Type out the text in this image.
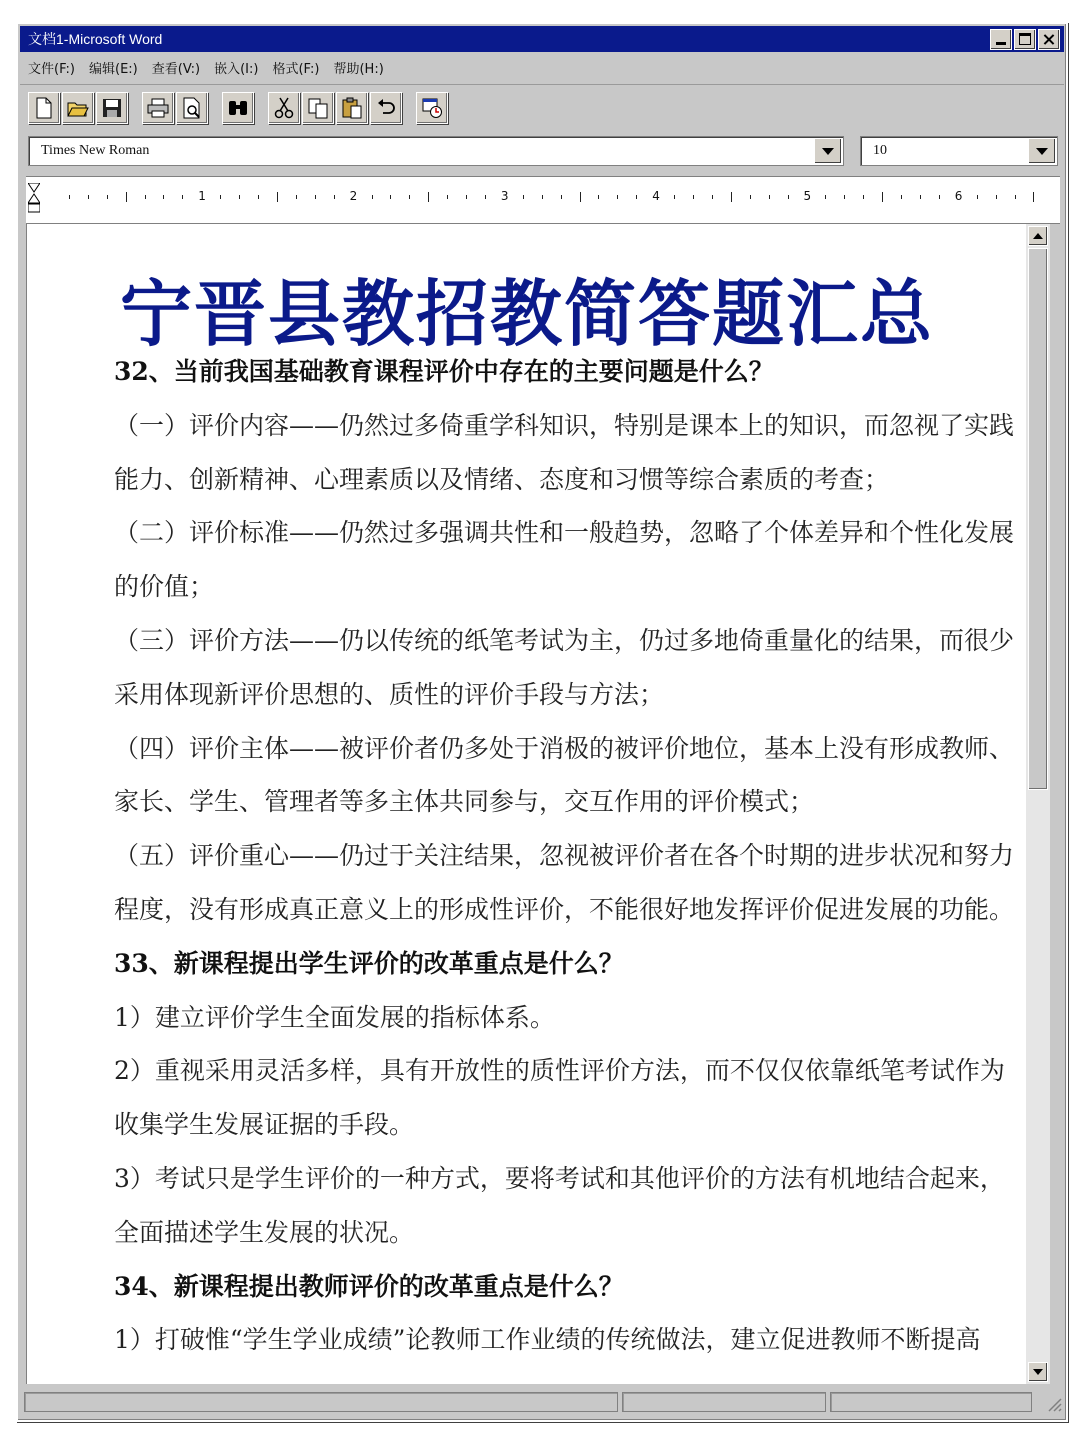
文档1-Microsoft Word
文件(F:) 编辑(E:) 查看(V:) 嵌入(I:) 格式(F:) 帮助(H:)
Times New Roman	10
1	2	3	4	5	6
宁晋县教招教简答题汇总
32、当前我国基础教育课程评价中存在的主要问题是什么？
（一）评价内容——仍然过多倚重学科知识，特别是课本上的知识，而忽视了实践
能力、创新精神、心理素质以及情绪、态度和习惯等综合素质的考查；
（二）评价标准——仍然过多强调共性和一般趋势，忽略了个体差异和个性化发展
的价值；
（三）评价方法——仍以传统的纸笔考试为主，仍过多地倚重量化的结果，而很少
采用体现新评价思想的、质性的评价手段与方法；
（四）评价主体——被评价者仍多处于消极的被评价地位，基本上没有形成教师、
家长、学生、管理者等多主体共同参与，交互作用的评价模式；
（五）评价重心——仍过于关注结果，忽视被评价者在各个时期的进步状况和努力
程度，没有形成真正意义上的形成性评价，不能很好地发挥评价促进发展的功能。
33、新课程提出学生评价的改革重点是什么？
1）建立评价学生全面发展的指标体系。
2）重视采用灵活多样，具有开放性的质性评价方法，而不仅仅依靠纸笔考试作为
收集学生发展证据的手段。
3）考试只是学生评价的一种方式，要将考试和其他评价的方法有机地结合起来，
全面描述学生发展的状况。
34、新课程提出教师评价的改革重点是什么？
1）打破惟“学生学业成绩”论教师工作业绩的传统做法，建立促进教师不断提高
